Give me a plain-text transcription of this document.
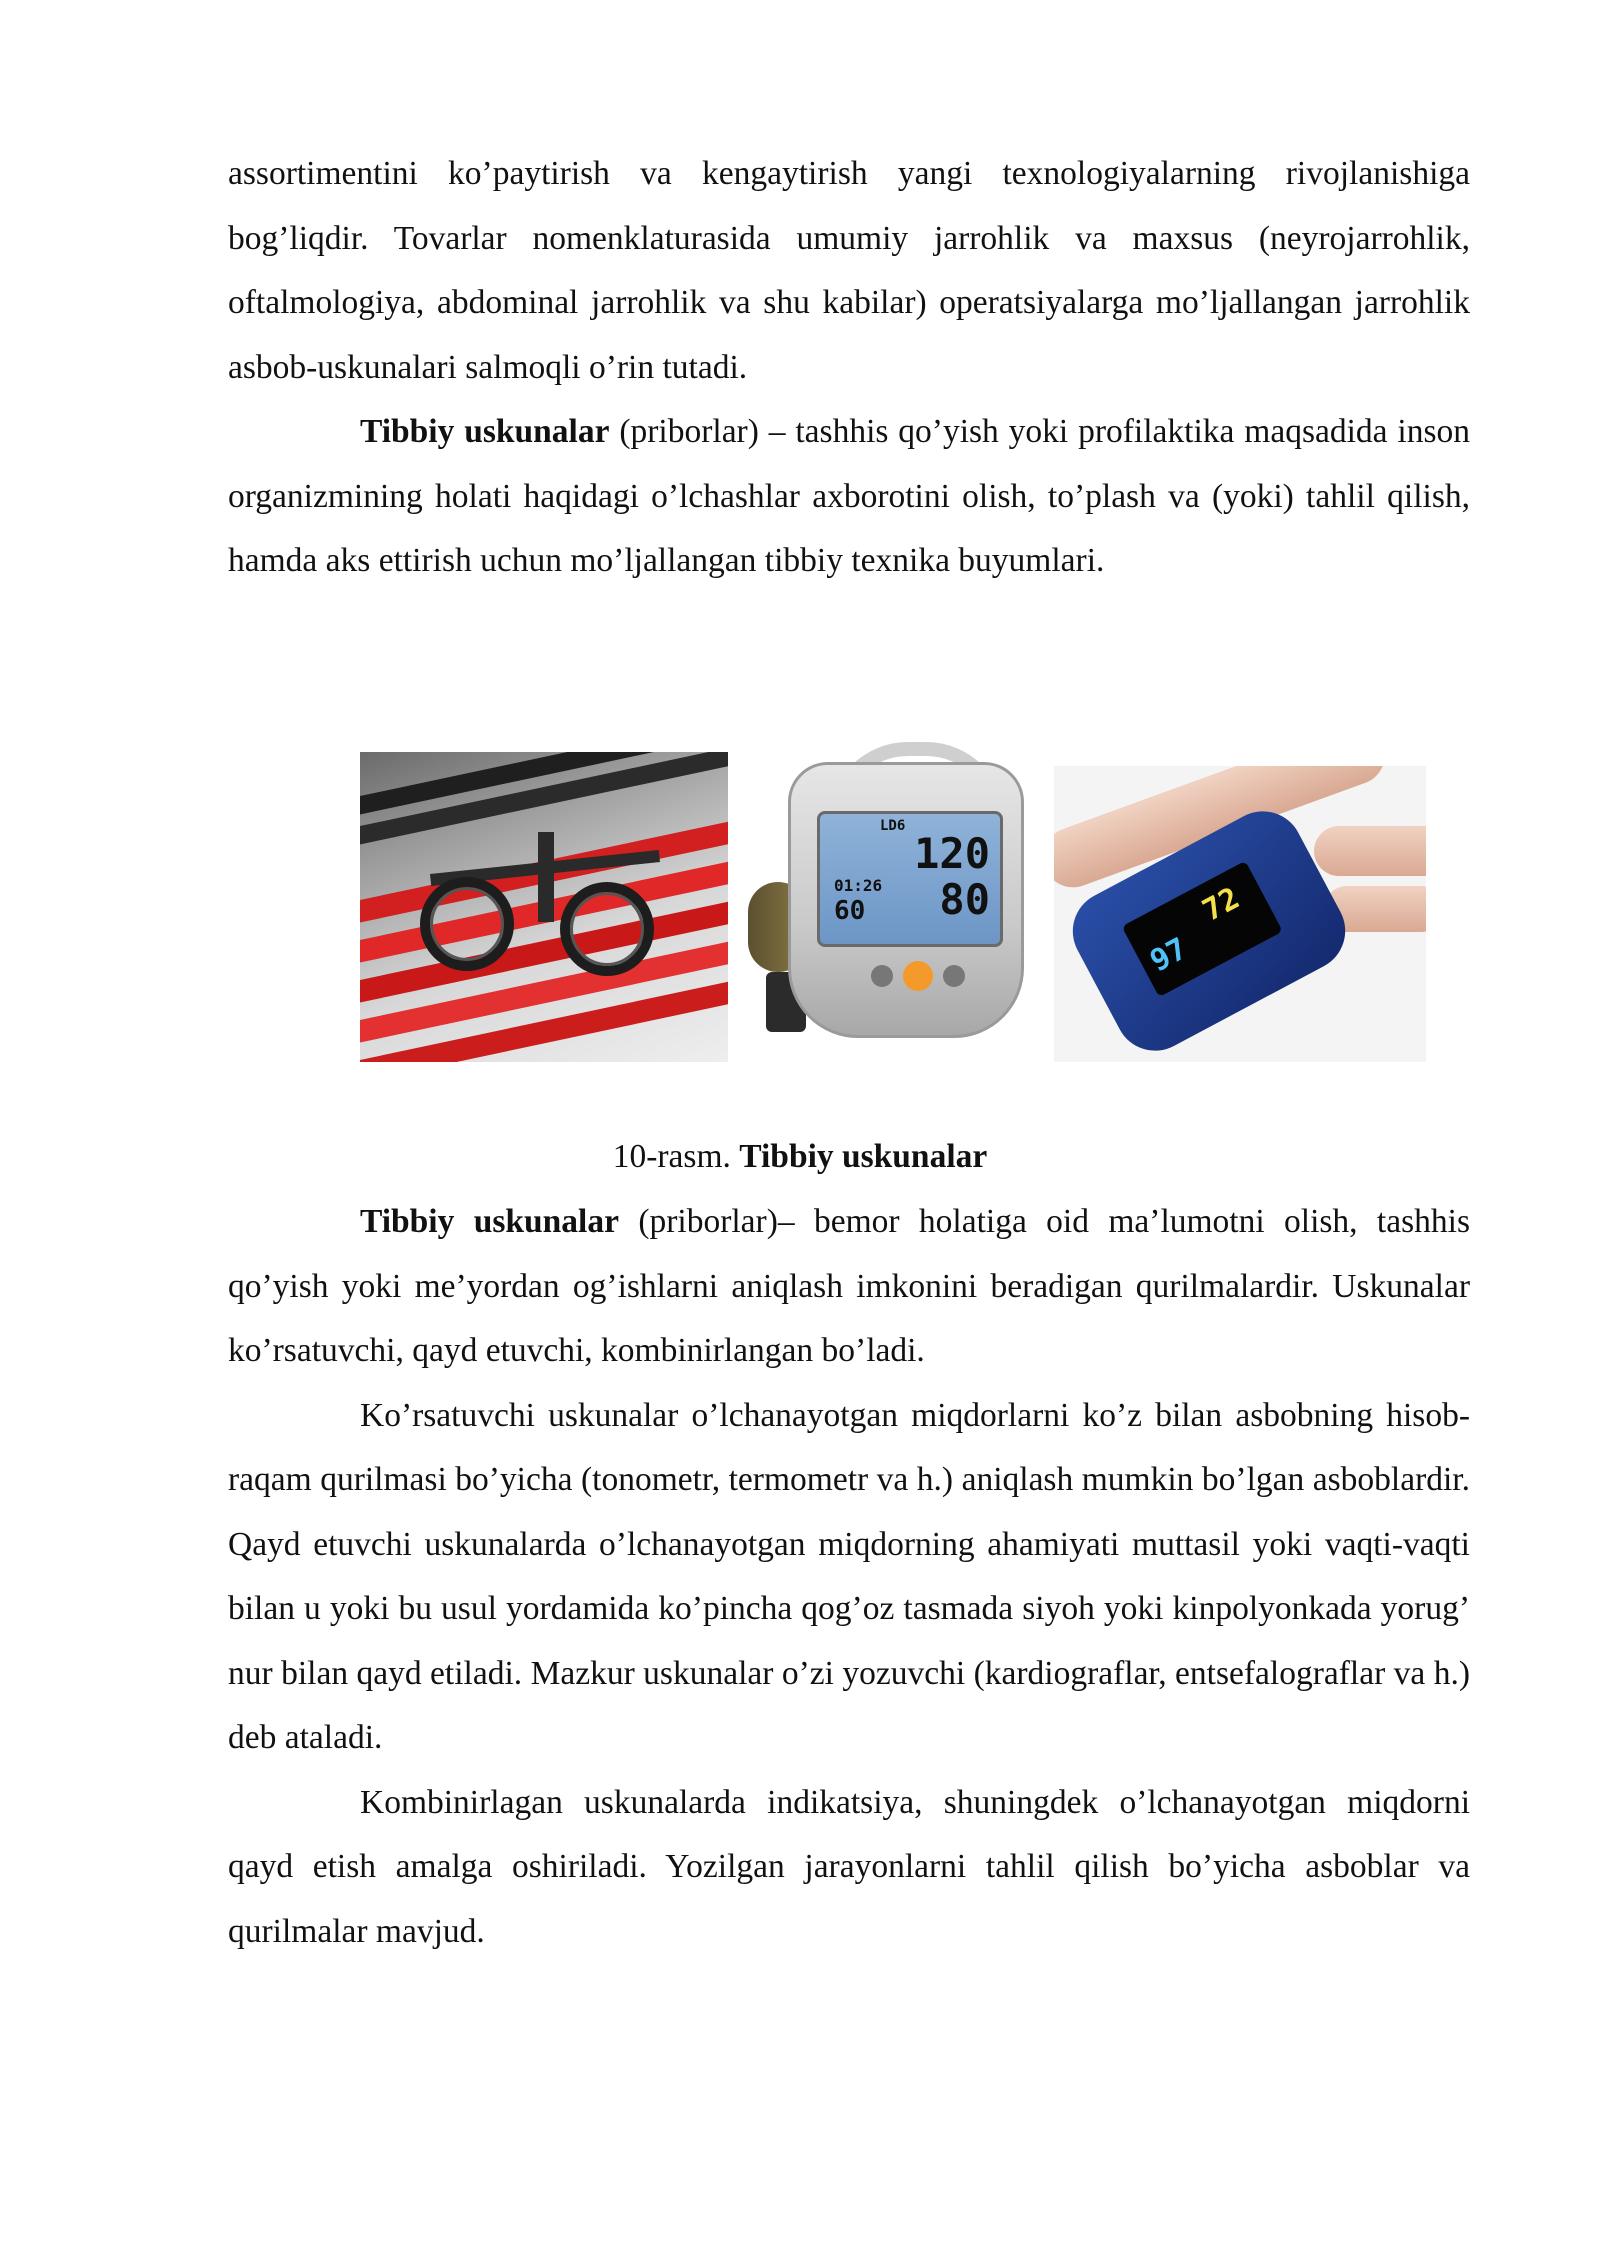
assortimentini ko’paytirish va kengaytirish yangi texnologiyalarning rivojlanishiga bog’liqdir. Tovarlar nomenklaturasida umumiy jarrohlik va maxsus (neyrojarrohlik, oftalmologiya, abdominal jarrohlik va shu kabilar) operatsiyalarga mo’ljallangan jarrohlik asbob-uskunalari salmoqli o’rin tutadi.

Tibbiy uskunalar (priborlar) – tashhis qo’yish yoki profilaktika maqsadida inson organizmining holati haqidagi o’lchashlar axborotini olish, to’plash va (yoki) tahlil qilish, hamda aks ettirish uchun mo’ljallangan tibbiy texnika buyumlari.

LD6
120
80
01:26
60
97
72

10-rasm. Tibbiy uskunalar

Tibbiy uskunalar (priborlar)– bemor holatiga oid ma’lumotni olish, tashhis qo’yish yoki me’yordan og’ishlarni aniqlash imkonini beradigan qurilmalardir. Uskunalar ko’rsatuvchi, qayd etuvchi, kombinirlangan bo’ladi.

Ko’rsatuvchi uskunalar o’lchanayotgan miqdorlarni ko’z bilan asbobning hisob-raqam qurilmasi bo’yicha (tonometr, termometr va h.) aniqlash mumkin bo’lgan asboblardir. Qayd etuvchi uskunalarda o’lchanayotgan miqdorning ahamiyati muttasil yoki vaqti-vaqti bilan u yoki bu usul yordamida ko’pincha qog’oz tasmada siyoh yoki kinpolyonkada yorug’ nur bilan qayd etiladi. Mazkur uskunalar o’zi yozuvchi (kardiograflar, entsefalograflar va h.) deb ataladi.

Kombinirlagan uskunalarda indikatsiya, shuningdek o’lchanayotgan miqdorni qayd etish amalga oshiriladi. Yozilgan jarayonlarni tahlil qilish bo’yicha asboblar va qurilmalar mavjud.
